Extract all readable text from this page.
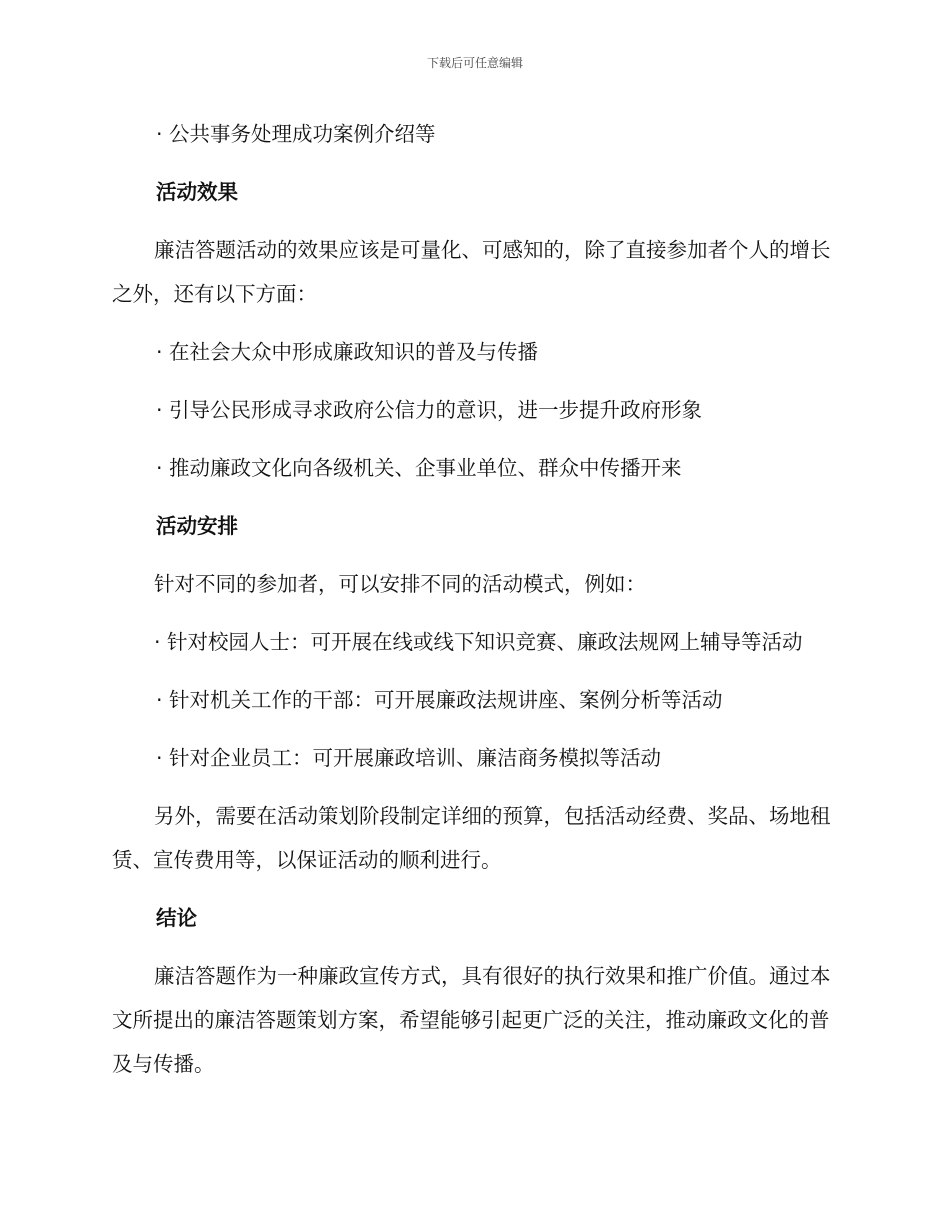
下载后可任意编辑

· 公共事务处理成功案例介绍等

活动效果

廉洁答题活动的效果应该是可量化、可感知的，除了直接参加者个人的增长之外，还有以下方面：

· 在社会大众中形成廉政知识的普及与传播

· 引导公民形成寻求政府公信力的意识，进一步提升政府形象

· 推动廉政文化向各级机关、企事业单位、群众中传播开来

活动安排

针对不同的参加者，可以安排不同的活动模式，例如：

· 针对校园人士：可开展在线或线下知识竞赛、廉政法规网上辅导等活动

· 针对机关工作的干部：可开展廉政法规讲座、案例分析等活动

· 针对企业员工：可开展廉政培训、廉洁商务模拟等活动

另外，需要在活动策划阶段制定详细的预算，包括活动经费、奖品、场地租赁、宣传费用等，以保证活动的顺利进行。

结论

廉洁答题作为一种廉政宣传方式，具有很好的执行效果和推广价值。通过本文所提出的廉洁答题策划方案，希望能够引起更广泛的关注，推动廉政文化的普及与传播。
